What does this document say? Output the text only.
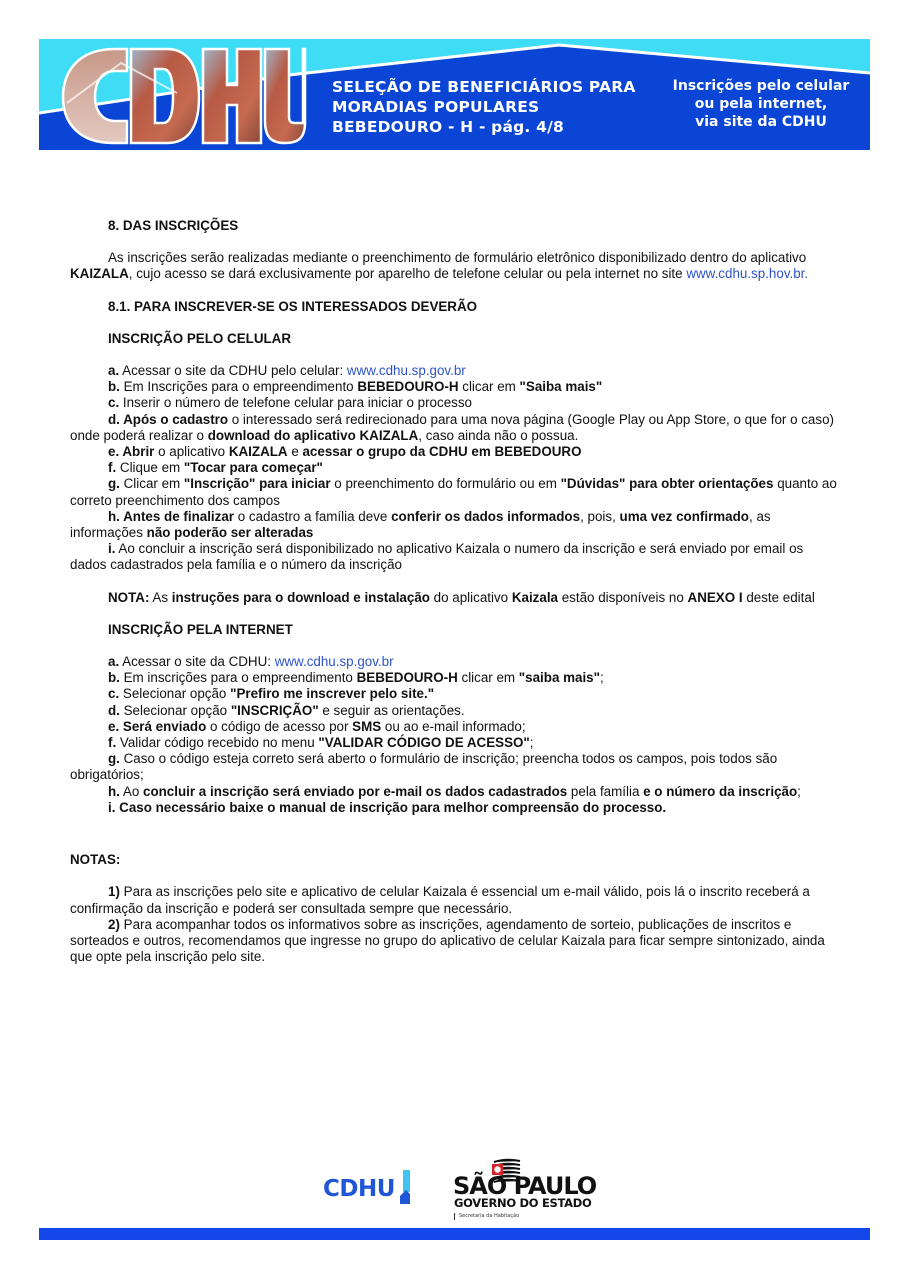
SELEÇÃO DE BENEFICIÁRIOS PARA
MORADIAS POPULARES
BEBEDOURO - H - pág. 4/8
Inscrições pelo celular
ou pela internet,
via site da CDHU

8. DAS INSCRIÇÕES

As inscrições serão realizadas mediante o preenchimento de formulário eletrônico disponibilizado dentro do aplicativo KAIZALA, cujo acesso se dará exclusivamente por aparelho de telefone celular ou pela internet no site www.cdhu.sp.hov.br.

8.1. PARA INSCREVER-SE OS INTERESSADOS DEVERÃO

INSCRIÇÃO PELO CELULAR

a. Acessar o site da CDHU pelo celular: www.cdhu.sp.gov.br

b. Em Inscrições para o empreendimento BEBEDOURO-H clicar em "Saiba mais"

c. Inserir o número de telefone celular para iniciar o processo

d. Após o cadastro o interessado será redirecionado para uma nova página (Google Play ou App Store, o que for o caso) onde poderá realizar o download do aplicativo KAIZALA, caso ainda não o possua.

e. Abrir o aplicativo KAIZALA e acessar o grupo da CDHU em BEBEDOURO

f. Clique em "Tocar para começar"

g. Clicar em "Inscrição" para iniciar o preenchimento do formulário ou em "Dúvidas" para obter orientações quanto ao correto preenchimento dos campos

h. Antes de finalizar o cadastro a família deve conferir os dados informados, pois, uma vez confirmado, as informações não poderão ser alteradas

i. Ao concluir a inscrição será disponibilizado no aplicativo Kaizala o numero da inscrição e será enviado por email os dados cadastrados pela família e o número da inscrição

NOTA: As instruções para o download e instalação do aplicativo Kaizala estão disponíveis no ANEXO I deste edital

INSCRIÇÃO PELA INTERNET

a. Acessar o site da CDHU: www.cdhu.sp.gov.br

b. Em inscrições para o empreendimento BEBEDOURO-H clicar em "saiba mais";

c. Selecionar opção "Prefiro me inscrever pelo site."

d. Selecionar opção "INSCRIÇÃO" e seguir as orientações.

e. Será enviado o código de acesso por SMS ou ao e-mail informado;

f. Validar código recebido no menu "VALIDAR CÓDIGO DE ACESSO";

g. Caso o código esteja correto será aberto o formulário de inscrição; preencha todos os campos, pois todos são obrigatórios;

h. Ao concluir a inscrição será enviado por e-mail os dados cadastrados pela família e o número da inscrição;

i. Caso necessário baixe o manual de inscrição para melhor compreensão do processo.

NOTAS:

1) Para as inscrições pelo site e aplicativo de celular Kaizala é essencial um e-mail válido, pois lá o inscrito receberá a confirmação da inscrição e poderá ser consultada sempre que necessário.

2) Para acompanhar todos os informativos sobre as inscrições, agendamento de sorteio, publicações de inscritos e sorteados e outros, recomendamos que ingresse no grupo do aplicativo de celular Kaizala para ficar sempre sintonizado, ainda que opte pela inscrição pelo site.

CDHU SÃO PAULO
GOVERNO DO ESTADO
Secretaria da Habitação
